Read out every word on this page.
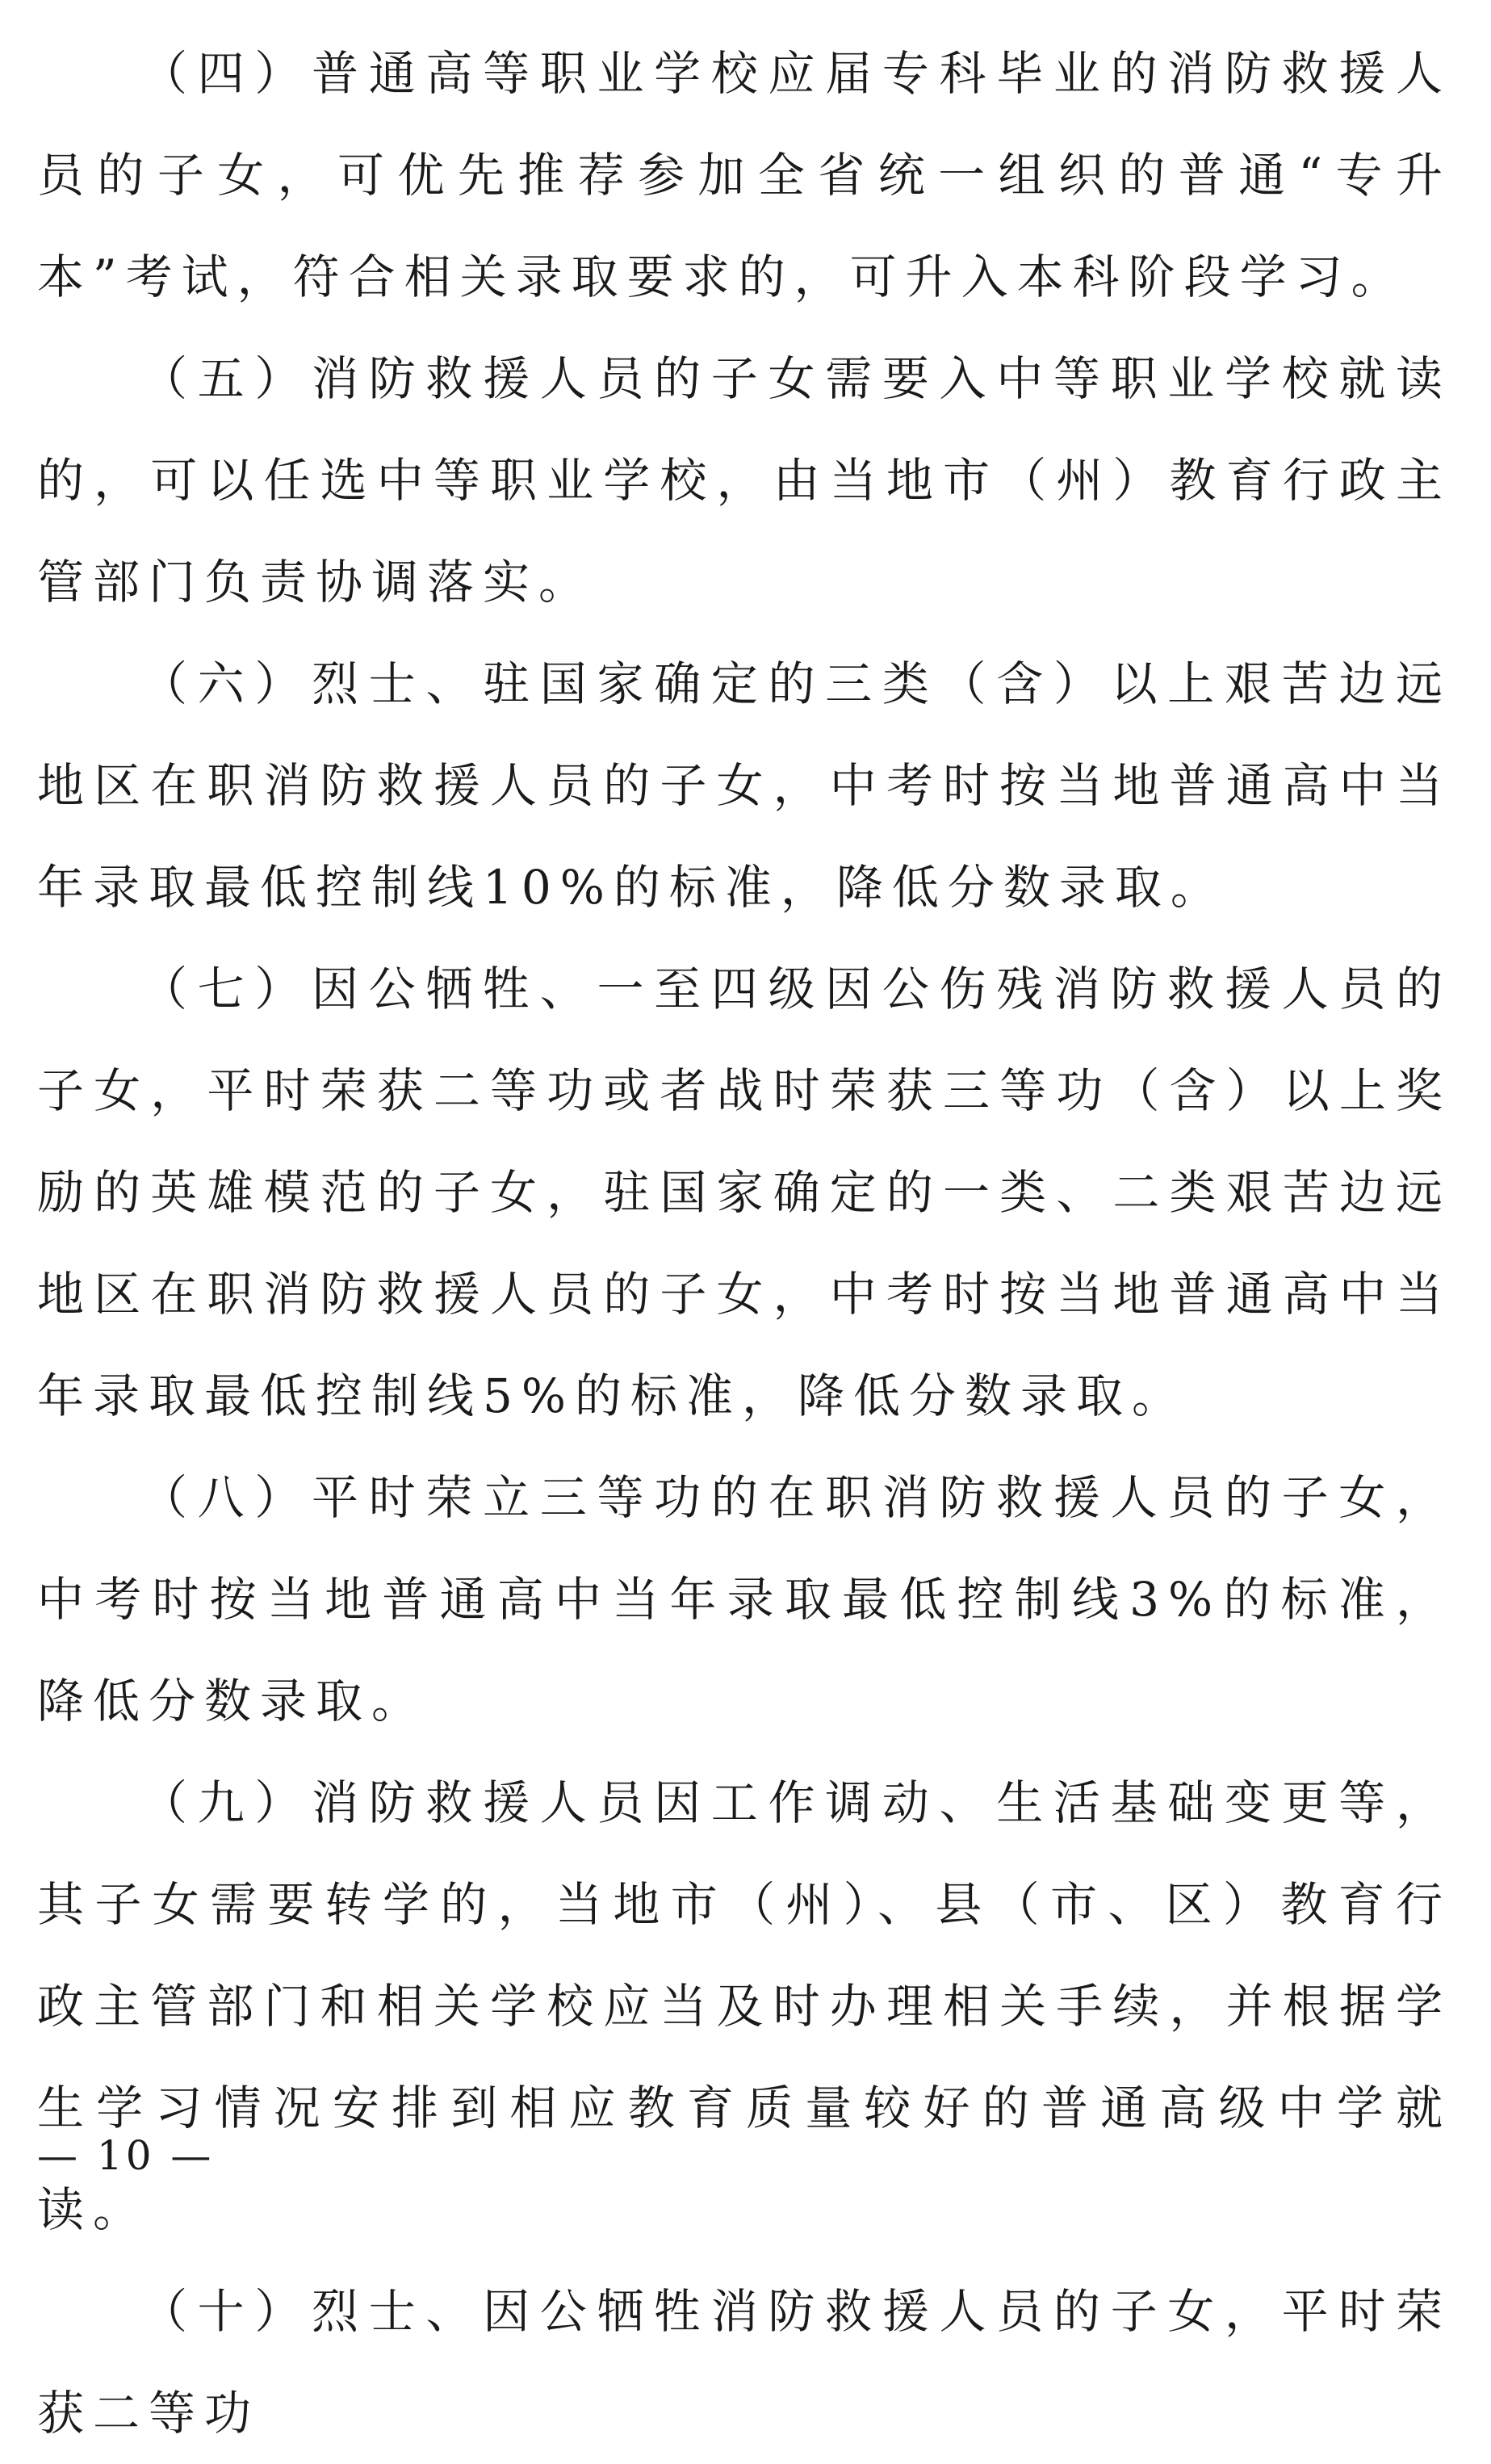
（四）普通高等职业学校应届专科毕业的消防救援人员的子女，可优先推荐参加全省统一组织的普通“专升本”考试，符合相关录取要求的，可升入本科阶段学习。

（五）消防救援人员的子女需要入中等职业学校就读的，可以任选中等职业学校，由当地市（州）教育行政主管部门负责协调落实。

（六）烈士、驻国家确定的三类（含）以上艰苦边远地区在职消防救援人员的子女，中考时按当地普通高中当年录取最低控制线10%的标准，降低分数录取。

（七）因公牺牲、一至四级因公伤残消防救援人员的子女，平时荣获二等功或者战时荣获三等功（含）以上奖励的英雄模范的子女，驻国家确定的一类、二类艰苦边远地区在职消防救援人员的子女，中考时按当地普通高中当年录取最低控制线5%的标准，降低分数录取。

（八）平时荣立三等功的在职消防救援人员的子女，中考时按当地普通高中当年录取最低控制线3%的标准，降低分数录取。

（九）消防救援人员因工作调动、生活基础变更等，其子女需要转学的，当地市（州）、县（市、区）教育行政主管部门和相关学校应当及时办理相关手续，并根据学生学习情况安排到相应教育质量较好的普通高级中学就读。

（十）烈士、因公牺牲消防救援人员的子女，平时荣获二等功

— 10 —
